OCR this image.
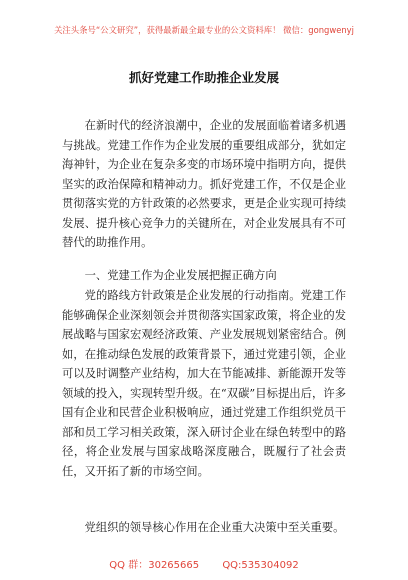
关注头条号“公文研究”，获得最新最全最专业的公文资料库！ 微信：gongwenyj
抓好党建工作助推企业发展

在新时代的经济浪潮中，企业的发展面临着诸多机遇与挑战。党建工作作为企业发展的重要组成部分，犹如定海神针，为企业在复杂多变的市场环境中指明方向，提供坚实的政治保障和精神动力。抓好党建工作，不仅是企业贯彻落实党的方针政策的必然要求，更是企业实现可持续发展、提升核心竞争力的关键所在，对企业发展具有不可替代的助推作用。

一、党建工作为企业发展把握正确方向

党的路线方针政策是企业发展的行动指南。党建工作能够确保企业深刻领会并贯彻落实国家政策，将企业的发展战略与国家宏观经济政策、产业发展规划紧密结合。例如，在推动绿色发展的政策背景下，通过党建引领，企业可以及时调整产业结构，加大在节能减排、新能源开发等领域的投入，实现转型升级。在“双碳”目标提出后，许多国有企业和民营企业积极响应，通过党建工作组织党员干部和员工学习相关政策，深入研讨企业在绿色转型中的路径，将企业发展与国家战略深度融合，既履行了社会责任，又开拓了新的市场空间。

党组织的领导核心作用在企业重大决策中至关重要。

QQ 群：30265665 QQ:535304092
